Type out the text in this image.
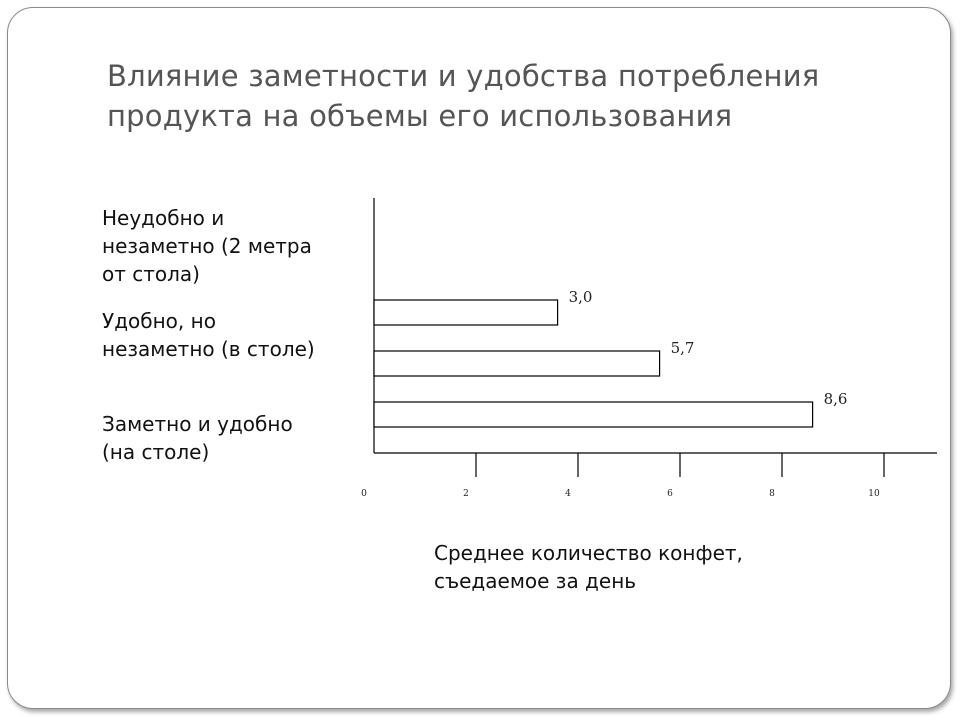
Влияние заметности и удобства потребления продукта на объемы его использования
Неудобно и
незаметно (2 метра
от стола)
Удобно, но
незаметно (в столе)
Заметно и удобно
(на столе)
3,0
5,7
8,6
0	2	4	6	8	10
Среднее количество конфет,
съедаемое за день
